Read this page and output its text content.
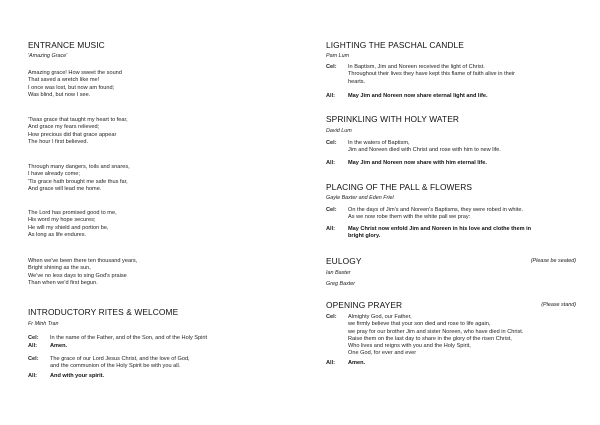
ENTRANCE MUSIC
'Amazing Grace'
Amazing grace! How sweet the sound
That saved a wretch like me!
I once was lost, but now am found;
Was blind, but now I see.
'Twas grace that taught my heart to fear,
And grace my fears relieved;
How precious did that grace appear
The hour I first believed.
Through many dangers, toils and snares,
I have already come;
'Tis grace hath brought me safe thus far,
And grace will lead me home.
The Lord has promised good to me,
His word my hope secures;
He will my shield and portion be,
As long as life endures.
When we've been there ten thousand years,
Bright shining as the sun,
We've no less days to sing God's praise
Than when we'd first begun.
INTRODUCTORY RITES & WELCOME
Fr Minh Tran
Cel: In the name of the Father, and of the Son, and of the Holy Spirit
All: Amen.
Cel: The grace of our Lord Jesus Christ, and the love of God,
and the communion of the Holy Spirit be with you all.
All: And with your spirit.
LIGHTING THE PASCHAL CANDLE
Pam Lum
Cel: In Baptism, Jim and Noreen received the light of Christ.
Throughout their lives they have kept this flame of faith alive in their
hearts.
All: May Jim and Noreen now share eternal light and life.
SPRINKLING WITH HOLY WATER
David Lum
Cel: In the waters of Baptism,
Jim and Noreen died with Christ and rose with him to new life.
All: May Jim and Noreen now share with him eternal life.
PLACING OF THE PALL & FLOWERS
Gayle Baxter and Eden Friel
Cel: On the days of Jim's and Noreen's Baptisms, they were robed in white.
As we now robe them with the white pall we pray:
All: May Christ now enfold Jim and Noreen in his love and clothe them in
bright glory.
EULOGY	(Please be seated)
Ian Baxter
Greg Baxter
OPENING PRAYER	(Please stand)
Cel: Almighty God, our Father,
we firmly believe that your son died and rose to life again,
we pray for our brother Jim and sister Noreen, who have died in Christ.
Raise them on the last day to share in the glory of the risen Christ,
Who lives and reigns with you and the Holy Spirit,
One God, for ever and ever
All: Amen.
